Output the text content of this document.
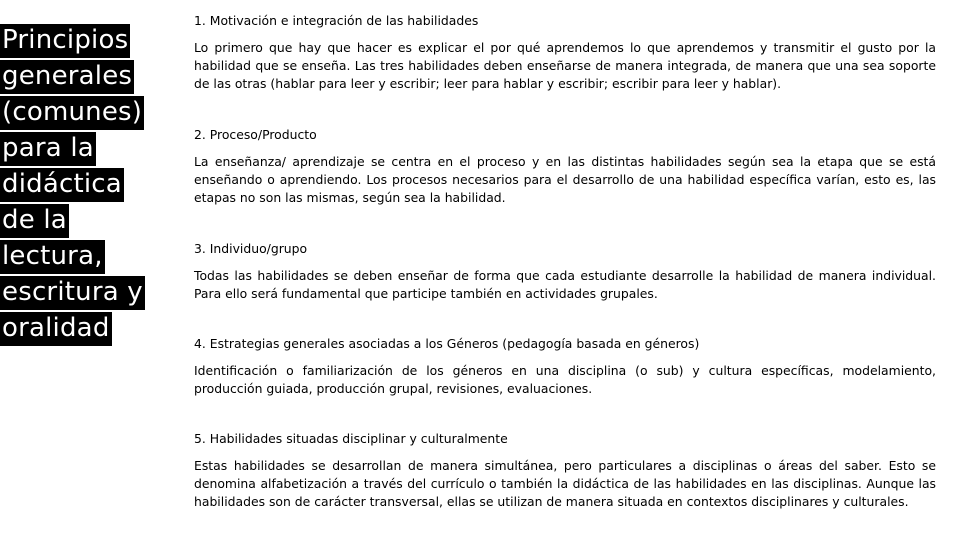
Principios
generales
(comunes)
para la
didáctica
de la
lectura,
escritura y
oralidad

1. Motivación e integración de las habilidades

Lo primero que hay que hacer es explicar el por qué aprendemos lo que aprendemos y transmitir el gusto por la habilidad que se enseña. Las tres habilidades deben enseñarse de manera integrada, de manera que una sea soporte de las otras (hablar para leer y escribir; leer para hablar y escribir; escribir para leer y hablar).

2. Proceso/Producto

La enseñanza/ aprendizaje se centra en el proceso y en las distintas habilidades según sea la etapa que se está enseñando o aprendiendo. Los procesos necesarios para el desarrollo de una habilidad específica varían, esto es, las etapas no son las mismas, según sea la habilidad.

3. Individuo/grupo

Todas las habilidades se deben enseñar de forma que cada estudiante desarrolle la habilidad de manera individual. Para ello será fundamental que participe también en actividades grupales.

4. Estrategias generales asociadas a los Géneros (pedagogía basada en géneros)

Identificación o familiarización de los géneros en una disciplina (o sub) y cultura específicas, modelamiento, producción guiada, producción grupal, revisiones, evaluaciones.

5. Habilidades situadas disciplinar y culturalmente

Estas habilidades se desarrollan de manera simultánea, pero particulares a disciplinas o áreas del saber. Esto se denomina alfabetización a través del currículo o también la didáctica de las habilidades en las disciplinas. Aunque las habilidades son de carácter transversal, ellas se utilizan de manera situada en contextos disciplinares y culturales.
